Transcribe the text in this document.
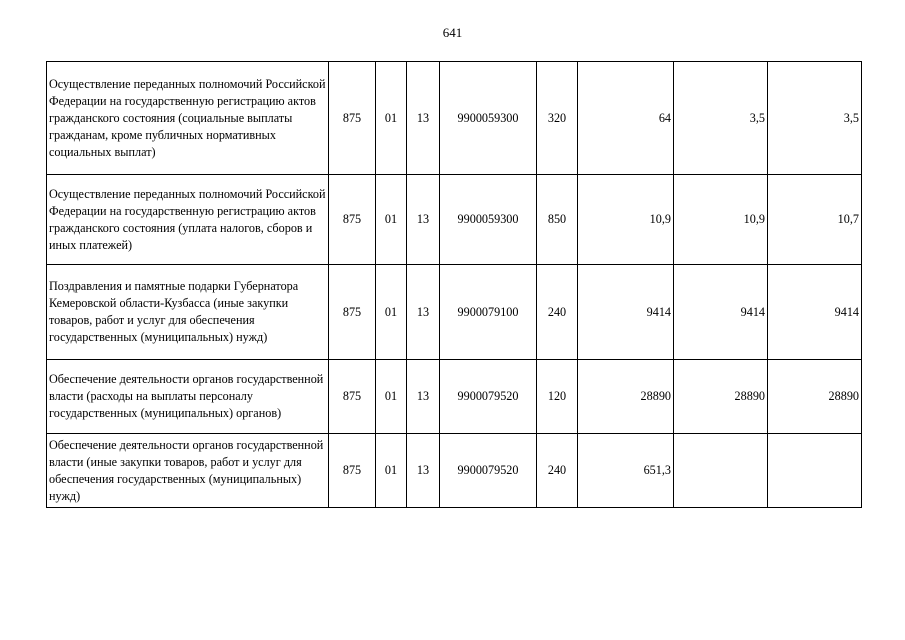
641
Осуществление переданных полномочий Российской Федерации на государственную регистрацию актов гражданского состояния (социальные выплаты гражданам, кроме публичных нормативных социальных выплат)	875	01	13	9900059300	320	64	3,5	3,5
Осуществление переданных полномочий Российской Федерации на государственную регистрацию актов гражданского состояния (уплата налогов, сборов и иных платежей)	875	01	13	9900059300	850	10,9	10,9	10,7
Поздравления и памятные подарки Губернатора Кемеровской области-Кузбасса (иные закупки товаров, работ и услуг для обеспечения государственных (муниципальных) нужд)	875	01	13	9900079100	240	9414	9414	9414
Обеспечение деятельности органов государственной власти (расходы на выплаты персоналу государственных (муниципальных) органов)	875	01	13	9900079520	120	28890	28890	28890
Обеспечение деятельности органов государственной власти (иные закупки товаров, работ и услуг для обеспечения государственных (муниципальных) нужд)	875	01	13	9900079520	240	651,3		
